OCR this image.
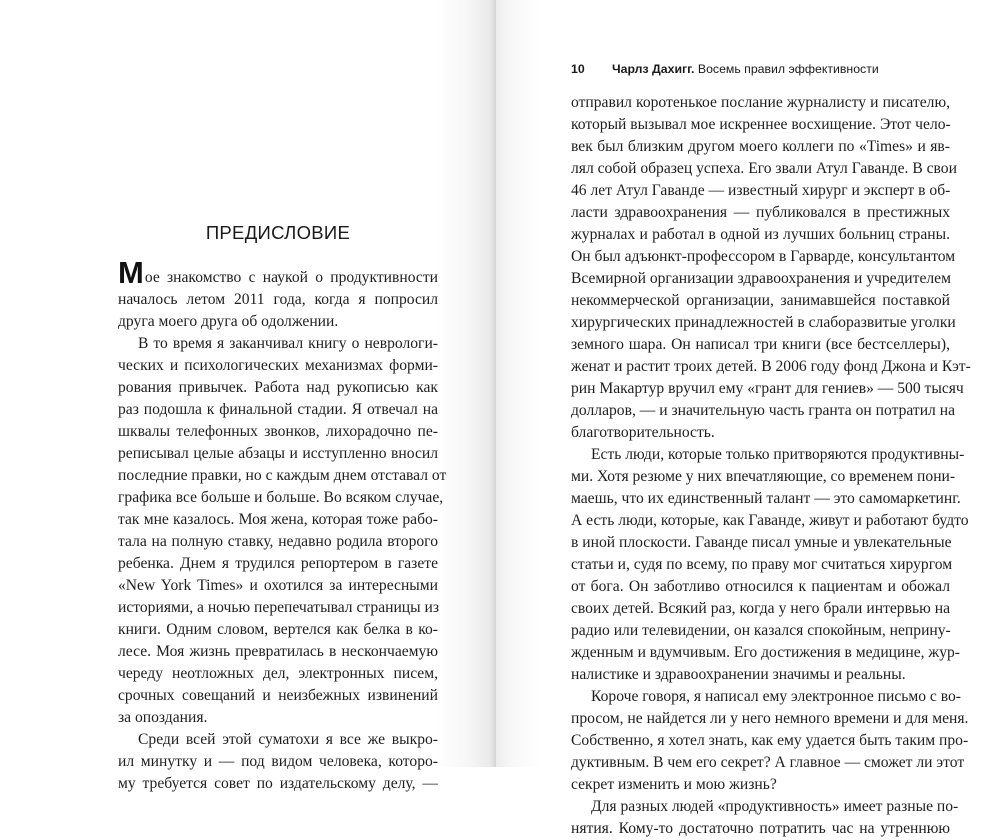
ПРЕДИСЛОВИЕ
Мое знакомство с наукой о продуктивности
началось летом 2011 года, когда я попросил
друга моего друга об одолжении.
В то время я заканчивал книгу о неврологи-
ческих и психологических механизмах форми-
рования привычек. Работа над рукописью как
раз подошла к финальной стадии. Я отвечал на
шквалы телефонных звонков, лихорадочно пе-
реписывал целые абзацы и исступленно вносил
последние правки, но с каждым днем отставал от
графика все больше и больше. Во всяком случае,
так мне казалось. Моя жена, которая тоже рабо-
тала на полную ставку, недавно родила второго
ребенка. Днем я трудился репортером в газете
«New York Times» и охотился за интересными
историями, а ночью перепечатывал страницы из
книги. Одним словом, вертелся как белка в ко-
лесе. Моя жизнь превратилась в нескончаемую
череду неотложных дел, электронных писем,
срочных совещаний и неизбежных извинений
за опоздания.
Среди всей этой суматохи я все же выкро-
ил минутку и — под видом человека, которо-
му требуется совет по издательскому делу, —
10 Чарлз Дахигг. Восемь правил эффективности
отправил коротенькое послание журналисту и писателю,
который вызывал мое искреннее восхищение. Этот чело-
век был близким другом моего коллеги по «Times» и яв-
лял собой образец успеха. Его звали Атул Гаванде. В свои
46 лет Атул Гаванде — известный хирург и эксперт в об-
ласти здравоохранения — публиковался в престижных
журналах и работал в одной из лучших больниц страны.
Он был адъюнкт-профессором в Гарварде, консультантом
Всемирной организации здравоохранения и учредителем
некоммерческой организации, занимавшейся поставкой
хирургических принадлежностей в слаборазвитые уголки
земного шара. Он написал три книги (все бестселлеры),
женат и растит троих детей. В 2006 году фонд Джона и Кэт-
рин Макартур вручил ему «грант для гениев» — 500 тысяч
долларов, — и значительную часть гранта он потратил на
благотворительность.
Есть люди, которые только притворяются продуктивны-
ми. Хотя резюме у них впечатляющие, со временем пони-
маешь, что их единственный талант — это самомаркетинг.
А есть люди, которые, как Гаванде, живут и работают будто
в иной плоскости. Гаванде писал умные и увлекательные
статьи и, судя по всему, по праву мог считаться хирургом
от бога. Он заботливо относился к пациентам и обожал
своих детей. Всякий раз, когда у него брали интервью на
радио или телевидении, он казался спокойным, неприну-
жденным и вдумчивым. Его достижения в медицине, жур-
налистике и здравоохранении значимы и реальны.
Короче говоря, я написал ему электронное письмо с во-
просом, не найдется ли у него немного времени и для меня.
Собственно, я хотел знать, как ему удается быть таким про-
дуктивным. В чем его секрет? А главное — сможет ли этот
секрет изменить и мою жизнь?
Для разных людей «продуктивность» имеет разные по-
нятия. Кому-то достаточно потратить час на утреннюю
